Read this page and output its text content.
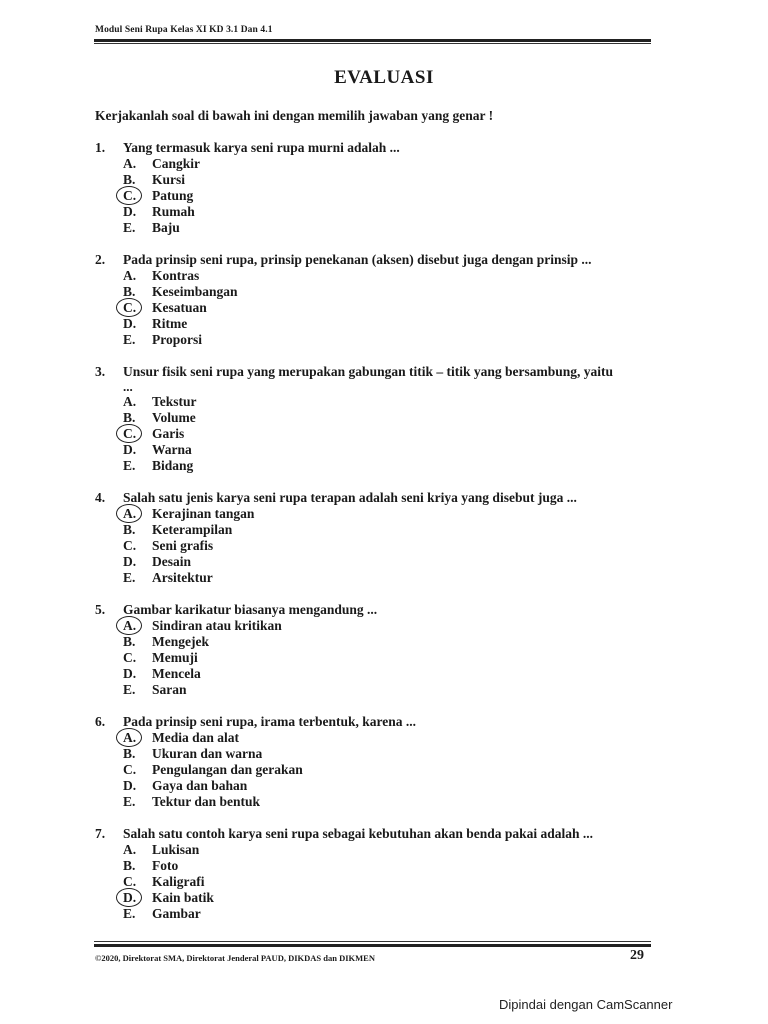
Modul Seni Rupa Kelas XI KD 3.1 Dan 4.1
EVALUASI
Kerjakanlah soal di bawah ini dengan memilih jawaban yang genar !
1.	Yang termasuk karya seni rupa murni adalah ...
A.	Cangkir
B.	Kursi
C.	Patung
D.	Rumah
E.	Baju
2.	Pada prinsip seni rupa, prinsip penekanan (aksen) disebut juga dengan prinsip ...
A.	Kontras
B.	Keseimbangan
C.	Kesatuan
D.	Ritme
E.	Proporsi
3.	Unsur fisik seni rupa yang merupakan gabungan titik – titik yang bersambung, yaitu
...
A.	Tekstur
B.	Volume
C.	Garis
D.	Warna
E.	Bidang
4.	Salah satu jenis karya seni rupa terapan adalah seni kriya yang disebut juga ...
A.	Kerajinan tangan
B.	Keterampilan
C.	Seni grafis
D.	Desain
E.	Arsitektur
5.	Gambar karikatur biasanya mengandung ...
A.	Sindiran atau kritikan
B.	Mengejek
C.	Memuji
D.	Mencela
E.	Saran
6.	Pada prinsip seni rupa, irama terbentuk, karena ...
A.	Media dan alat
B.	Ukuran dan warna
C.	Pengulangan dan gerakan
D.	Gaya dan bahan
E.	Tektur dan bentuk
7.	Salah satu contoh karya seni rupa sebagai kebutuhan akan benda pakai adalah ...
A.	Lukisan
B.	Foto
C.	Kaligrafi
D.	Kain batik
E.	Gambar
©2020, Direktorat SMA, Direktorat Jenderal PAUD, DIKDAS dan DIKMEN	29
Dipindai dengan CamScanner
